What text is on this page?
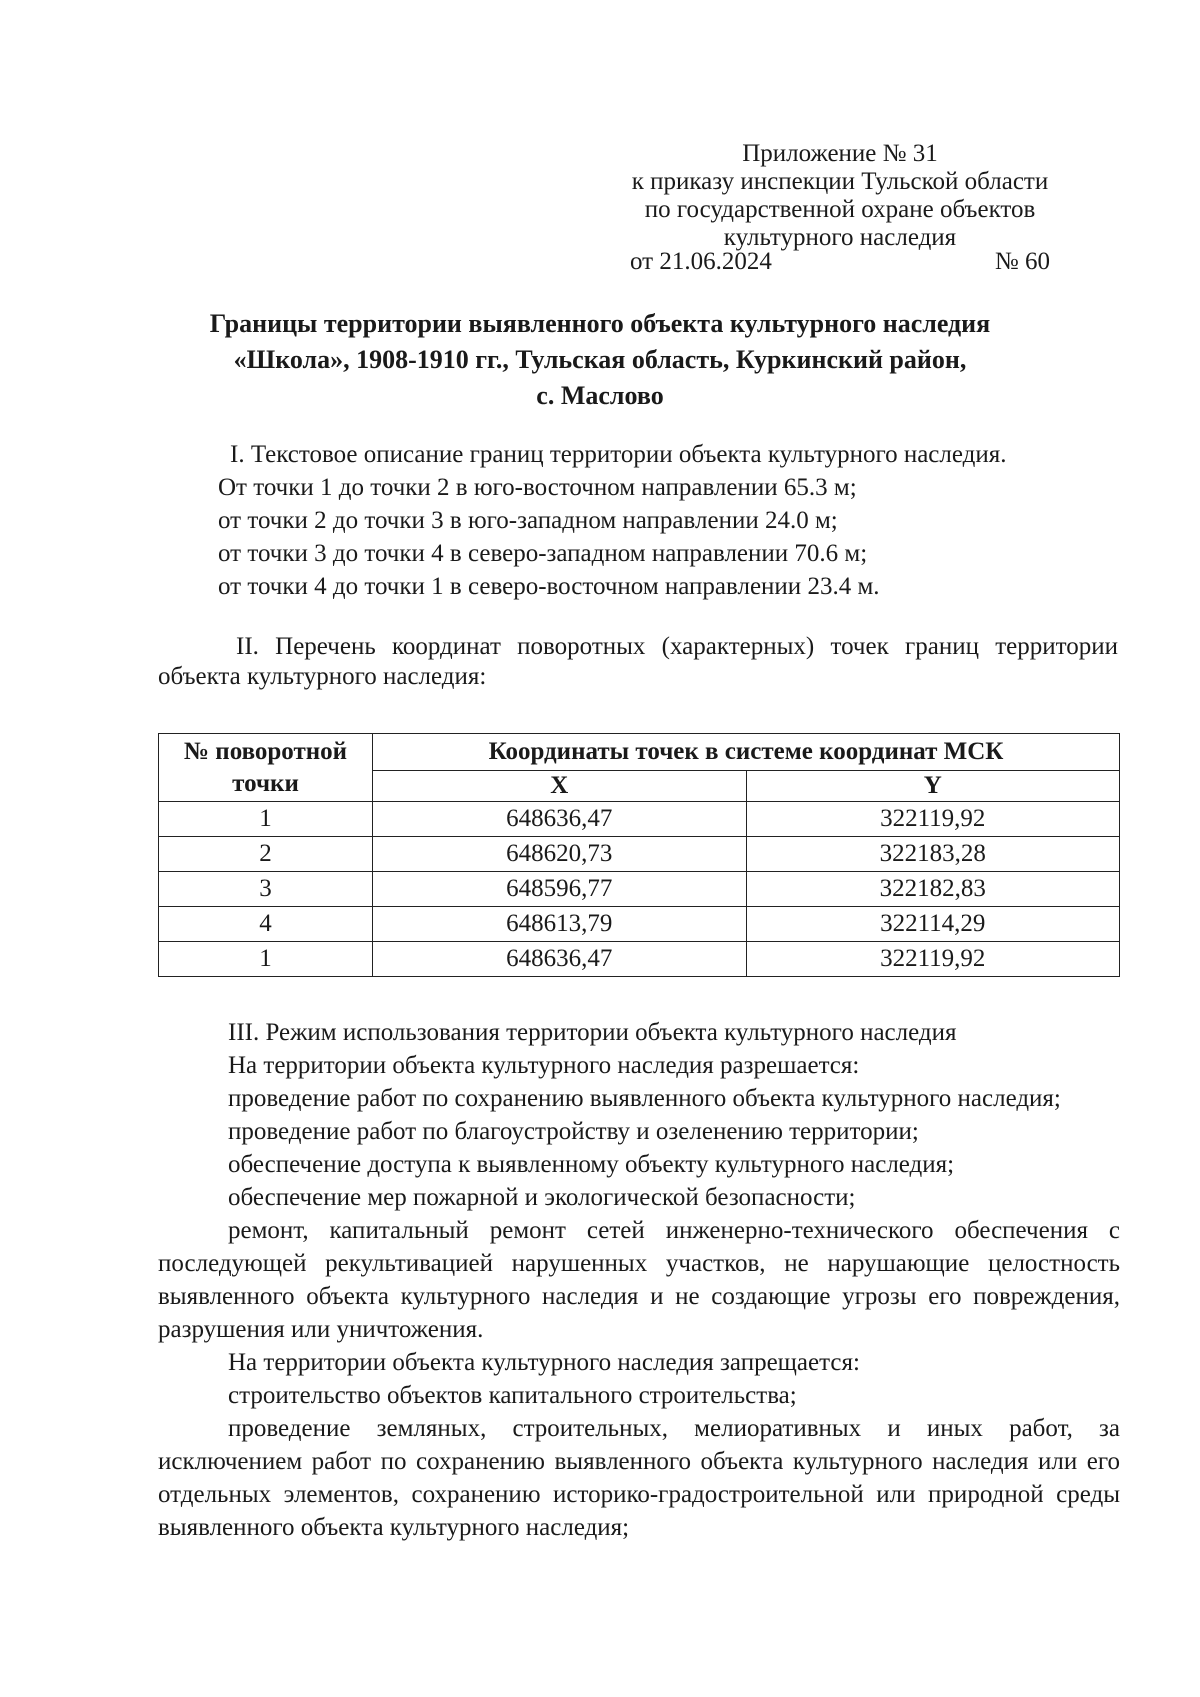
Приложение № 31
к приказу инспекции Тульской области
по государственной охране объектов
культурного наследия
от 21.06.2024	№ 60
Границы территории выявленного объекта культурного наследия
«Школа», 1908-1910 гг., Тульская область, Куркинский район,
с. Маслово
I. Текстовое описание границ территории объекта культурного наследия.
От точки 1 до точки 2 в юго-восточном направлении 65.3 м;
от точки 2 до точки 3 в юго-западном направлении 24.0 м;
от точки 3 до точки 4 в северо-западном направлении 70.6 м;
от точки 4 до точки 1 в северо-восточном направлении 23.4 м.
II. Перечень координат поворотных (характерных) точек границ территории объекта культурного наследия:
№ поворотной точки	Координаты точек в системе координат МСК	
	X	Y
1	648636,47	322119,92
2	648620,73	322183,28
3	648596,77	322182,83
4	648613,79	322114,29
1	648636,47	322119,92

III. Режим использования территории объекта культурного наследия

На территории объекта культурного наследия разрешается:

проведение работ по сохранению выявленного объекта культурного наследия;

проведение работ по благоустройству и озеленению территории;

обеспечение доступа к выявленному объекту культурного наследия;

обеспечение мер пожарной и экологической безопасности;

ремонт, капитальный ремонт сетей инженерно-технического обеспечения с последующей рекультивацией нарушенных участков, не нарушающие целостность выявленного объекта культурного наследия и не создающие угрозы его повреждения, разрушения или уничтожения.

На территории объекта культурного наследия запрещается:

строительство объектов капитального строительства;

проведение земляных, строительных, мелиоративных и иных работ, за исключением работ по сохранению выявленного объекта культурного наследия или его отдельных элементов, сохранению историко-градостроительной или природной среды выявленного объекта культурного наследия;
